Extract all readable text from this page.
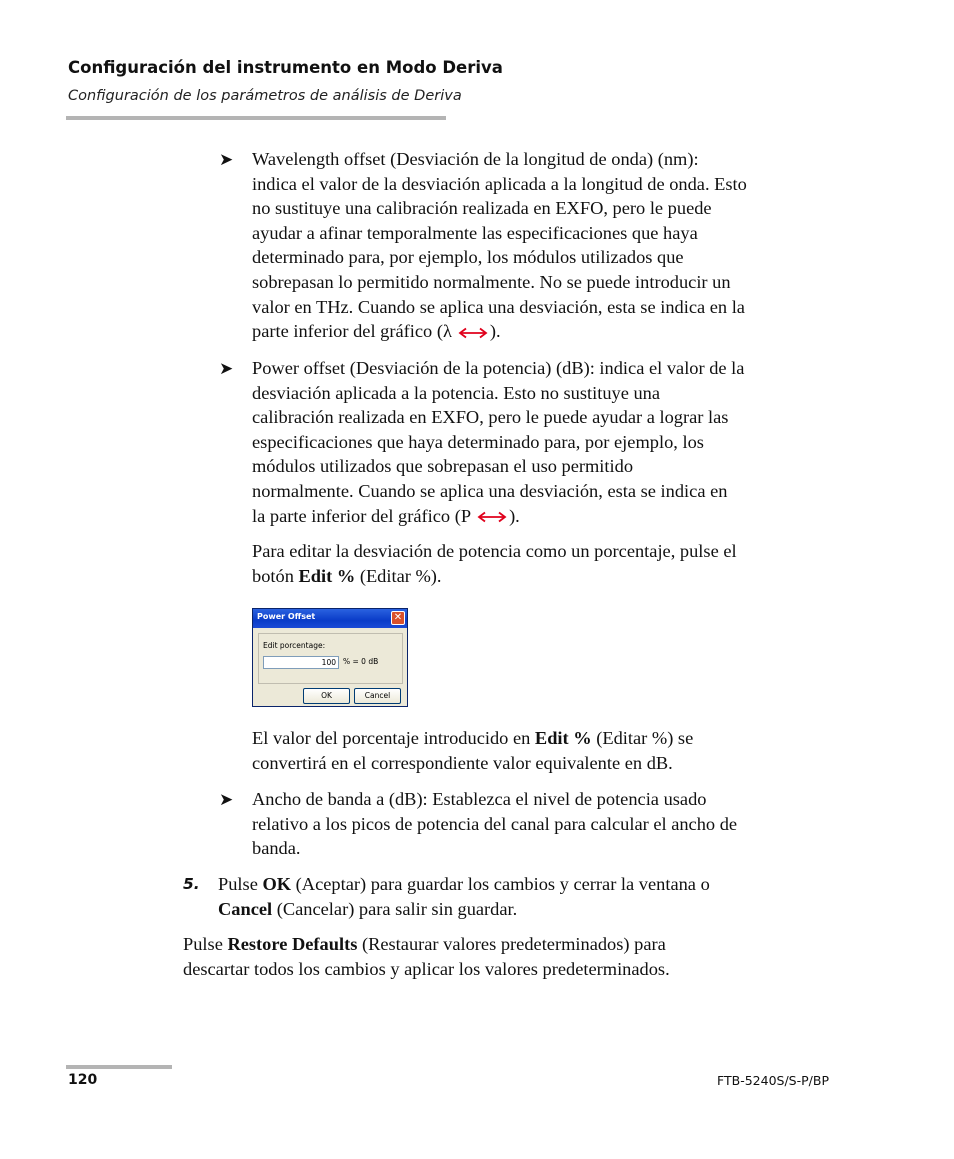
Configuración del instrumento en Modo Deriva
Configuración de los parámetros de análisis de Deriva
➤ Wavelength offset (Desviación de la longitud de onda) (nm):
indica el valor de la desviación aplicada a la longitud de onda. Esto
no sustituye una calibración realizada en EXFO, pero le puede
ayudar a afinar temporalmente las especificaciones que haya
determinado para, por ejemplo, los módulos utilizados que
sobrepasan lo permitido normalmente. No se puede introducir un
valor en THz. Cuando se aplica una desviación, esta se indica en la
parte inferior del gráfico (λ ).
➤ Power offset (Desviación de la potencia) (dB): indica el valor de la
desviación aplicada a la potencia. Esto no sustituye una
calibración realizada en EXFO, pero le puede ayudar a lograr las
especificaciones que haya determinado para, por ejemplo, los
módulos utilizados que sobrepasan el uso permitido
normalmente. Cuando se aplica una desviación, esta se indica en
la parte inferior del gráfico (P ).
Para editar la desviación de potencia como un porcentaje, pulse el
botón Edit % (Editar %).
Power Offset	✕
Edit porcentage:
100 % = 0 dB
OK	Cancel
El valor del porcentaje introducido en Edit % (Editar %) se
convertirá en el correspondiente valor equivalente en dB.
➤ Ancho de banda a (dB): Establezca el nivel de potencia usado
relativo a los picos de potencia del canal para calcular el ancho de
banda.
5. Pulse OK (Aceptar) para guardar los cambios y cerrar la ventana o
Cancel (Cancelar) para salir sin guardar.
Pulse Restore Defaults (Restaurar valores predeterminados) para
descartar todos los cambios y aplicar los valores predeterminados.
120	FTB-5240S/S-P/BP
